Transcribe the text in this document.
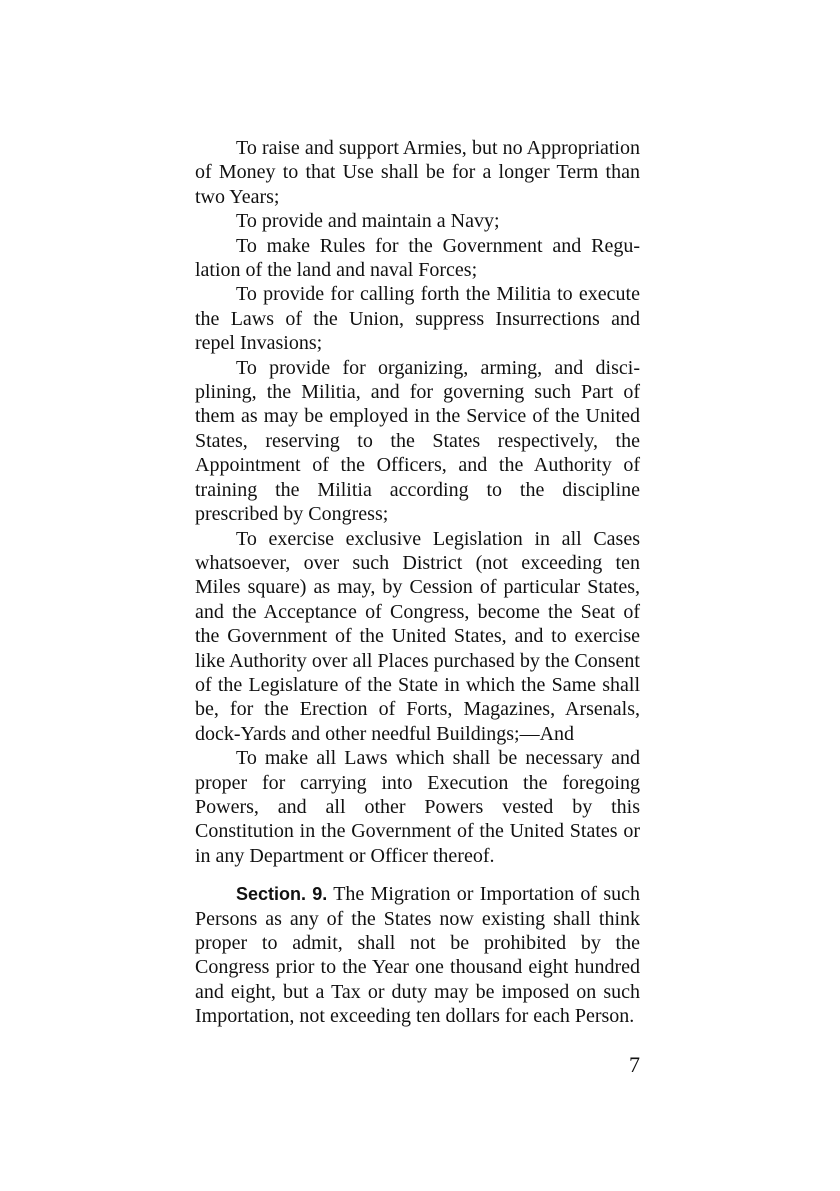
To raise and support Armies, but no Appropriation of Money to that Use shall be for a longer Term than two Years;

To provide and maintain a Navy;

To make Rules for the Government and Regulation of the land and naval Forces;

To provide for calling forth the Militia to execute the Laws of the Union, suppress Insurrections and repel Invasions;

To provide for organizing, arming, and disciplining, the Militia, and for governing such Part of them as may be employed in the Service of the United States, reserving to the States respectively, the Appointment of the Officers, and the Authority of training the Militia according to the discipline prescribed by Congress;

To exercise exclusive Legislation in all Cases whatsoever, over such District (not exceeding ten Miles square) as may, by Cession of particular States, and the Acceptance of Congress, become the Seat of the Government of the United States, and to exercise like Authority over all Places purchased by the Consent of the Legislature of the State in which the Same shall be, for the Erection of Forts, Magazines, Arsenals, dock-Yards and other needful Buildings;—And

To make all Laws which shall be necessary and proper for carrying into Execution the foregoing Powers, and all other Powers vested by this Constitution in the Government of the United States or in any Department or Officer thereof.

Section. 9. The Migration or Importation of such Persons as any of the States now existing shall think proper to admit, shall not be prohibited by the Congress prior to the Year one thousand eight hundred and eight, but a Tax or duty may be imposed on such Importation, not exceeding ten dollars for each Person.

7
